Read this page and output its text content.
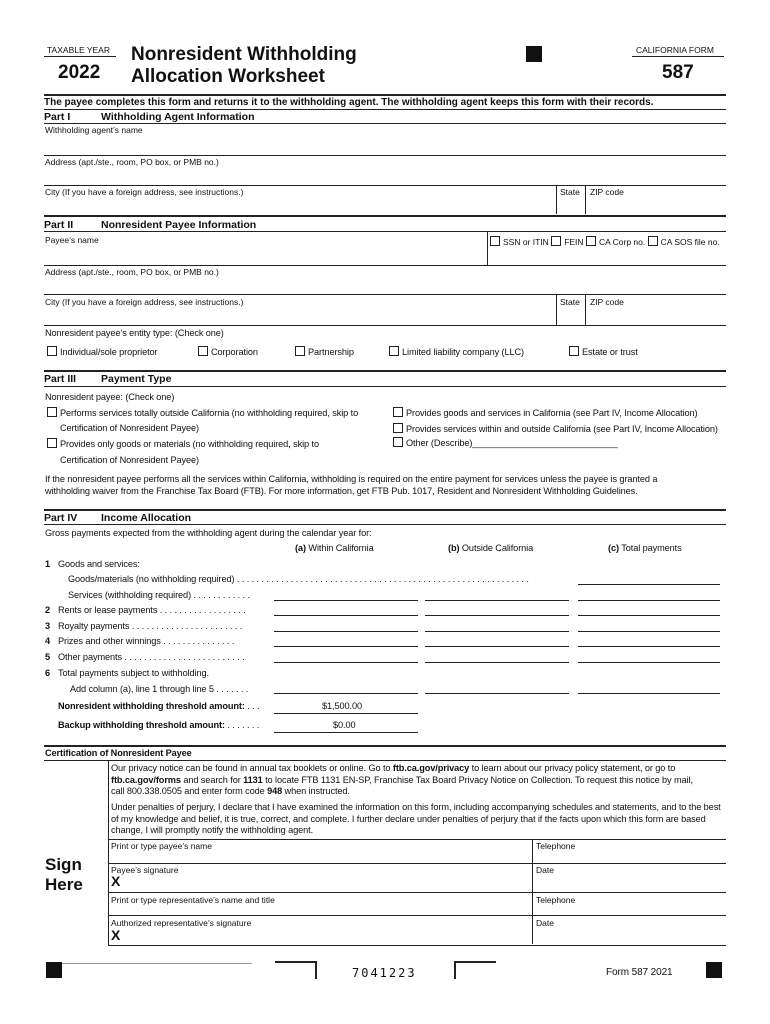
TAXABLE YEAR
2022
Nonresident Withholding
Allocation Worksheet
CALIFORNIA FORM
587
The payee completes this form and returns it to the withholding agent. The withholding agent keeps this form with their records.
Part I	Withholding Agent Information
Withholding agent’s name
Address (apt./ste., room, PO box, or PMB no.)
City (If you have a foreign address, see instructions.)	State ZIP code
Part II	Nonresident Payee Information
Payee’s name	SSN or ITIN FEIN CA Corp no. CA SOS file no.
Address (apt./ste., room, PO box, or PMB no.)
City (If you have a foreign address, see instructions.)	State ZIP code
Nonresident payee’s entity type: (Check one)
Individual/sole proprietor	Corporation	Partnership	Limited liability company (LLC)	Estate or trust
Part III Payment Type
Nonresident payee: (Check one)
Performs services totally outside California (no withholding required, skip to
Certification of Nonresident Payee)
Provides only goods or materials (no withholding required, skip to
Certification of Nonresident Payee)
Provides goods and services in California (see Part IV, Income Allocation)
Provides services within and outside California (see Part IV, Income Allocation)
Other (Describe)_____________________________
If the nonresident payee performs all the services within California, withholding is required on the entire payment for services unless the payee is granted a
withholding waiver from the Franchise Tax Board (FTB). For more information, get FTB Pub. 1017, Resident and Nonresident Withholding Guidelines.
Part IV Income Allocation
Gross payments expected from the withholding agent during the calendar year for:
(a) Within California	(b) Outside California	(c) Total payments
1 Goods and services:
Goods/materials (no withholding required) . . . . . . . . . . . . . . . . . . . . . . . . . . . . . . . . . . . . . . . . . . . . . . . . . . . . . . . . . . . .
Services (withholding required) . . . . . . . . . . . .
2 Rents or lease payments . . . . . . . . . . . . . . . . . .
3 Royalty payments . . . . . . . . . . . . . . . . . . . . . . .
4 Prizes and other winnings . . . . . . . . . . . . . . .
5 Other payments . . . . . . . . . . . . . . . . . . . . . . . . .
6 Total payments subject to withholding.
Add column (a), line 1 through line 5 . . . . . . .
Nonresident withholding threshold amount: . . .	$1,500.00
Backup withholding threshold amount: . . . . . . .	$0.00
Certification of Nonresident Payee
Our privacy notice can be found in annual tax booklets or online. Go to ftb.ca.gov/privacy to learn about our privacy policy statement, or go to
ftb.ca.gov/forms and search for 1131 to locate FTB 1131 EN-SP, Franchise Tax Board Privacy Notice on Collection. To request this notice by mail,
call 800.338.0505 and enter form code 948 when instructed.
Under penalties of perjury, I declare that I have examined the information on this form, including accompanying schedules and statements, and to the best
of my knowledge and belief, it is true, correct, and complete. I further declare under penalties of perjury that if the facts upon which this form are based
change, I will promptly notify the withholding agent.
Print or type payee’s name	Telephone
Sign
Here
Payee’s signature
X
Date
Print or type representative’s name and title	Telephone
Authorized representative’s signature
X
Date
7041223	Form 587 2021
